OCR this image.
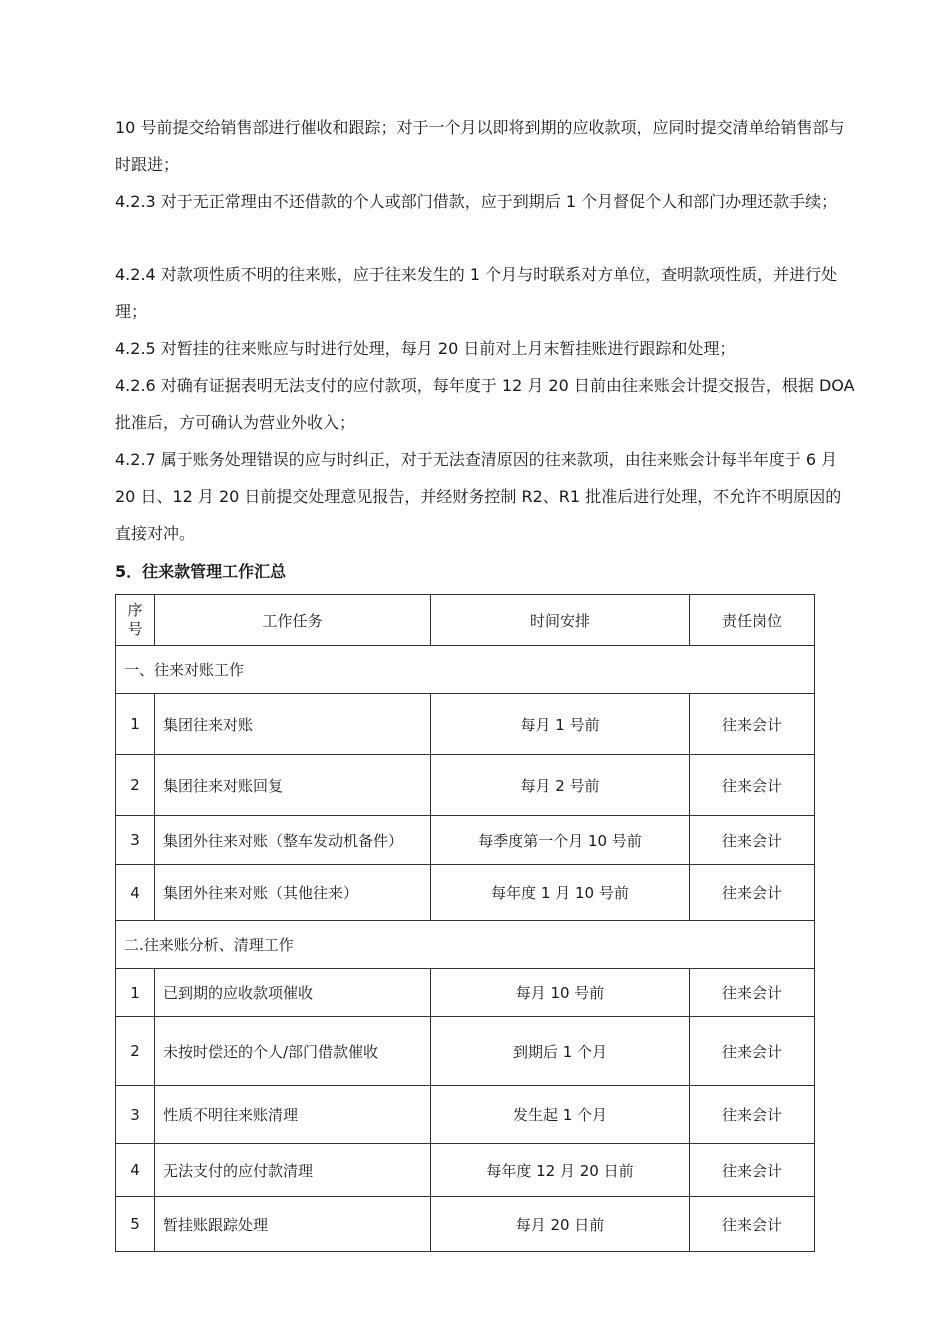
10 号前提交给销售部进行催收和跟踪；对于一个月以即将到期的应收款项，应同时提交清单给销售部与时跟进；

4.2.3 对于无正常理由不还借款的个人或部门借款，应于到期后 1 个月督促个人和部门办理还款手续；

4.2.4 对款项性质不明的往来账，应于往来发生的 1 个月与时联系对方单位，查明款项性质，并进行处理；

4.2.5 对暂挂的往来账应与时进行处理，每月 20 日前对上月末暂挂账进行跟踪和处理；

4.2.6 对确有证据表明无法支付的应付款项，每年度于 12 月 20 日前由往来账会计提交报告，根据 DOA 批准后，方可确认为营业外收入；

4.2.7 属于账务处理错误的应与时纠正，对于无法查清原因的往来款项，由往来账会计每半年度于 6 月 20 日、12 月 20 日前提交处理意见报告，并经财务控制 R2、R1 批准后进行处理，不允许不明原因的直接对冲。

5．往来款管理工作汇总
序
号	工作任务	时间安排	责任岗位
一、往来对账工作			
1	集团往来对账	每月 1 号前	往来会计
2	集团往来对账回复	每月 2 号前	往来会计
3	集团外往来对账（整车发动机备件）	每季度第一个月 10 号前	往来会计
4	集团外往来对账（其他往来）	每年度 1 月 10 号前	往来会计
二.往来账分析、清理工作			
1	已到期的应收款项催收	每月 10 号前	往来会计
2	未按时偿还的个人/部门借款催收	到期后 1 个月	往来会计
3	性质不明往来账清理	发生起 1 个月	往来会计
4	无法支付的应付款清理	每年度 12 月 20 日前	往来会计
5	暂挂账跟踪处理	每月 20 日前	往来会计
